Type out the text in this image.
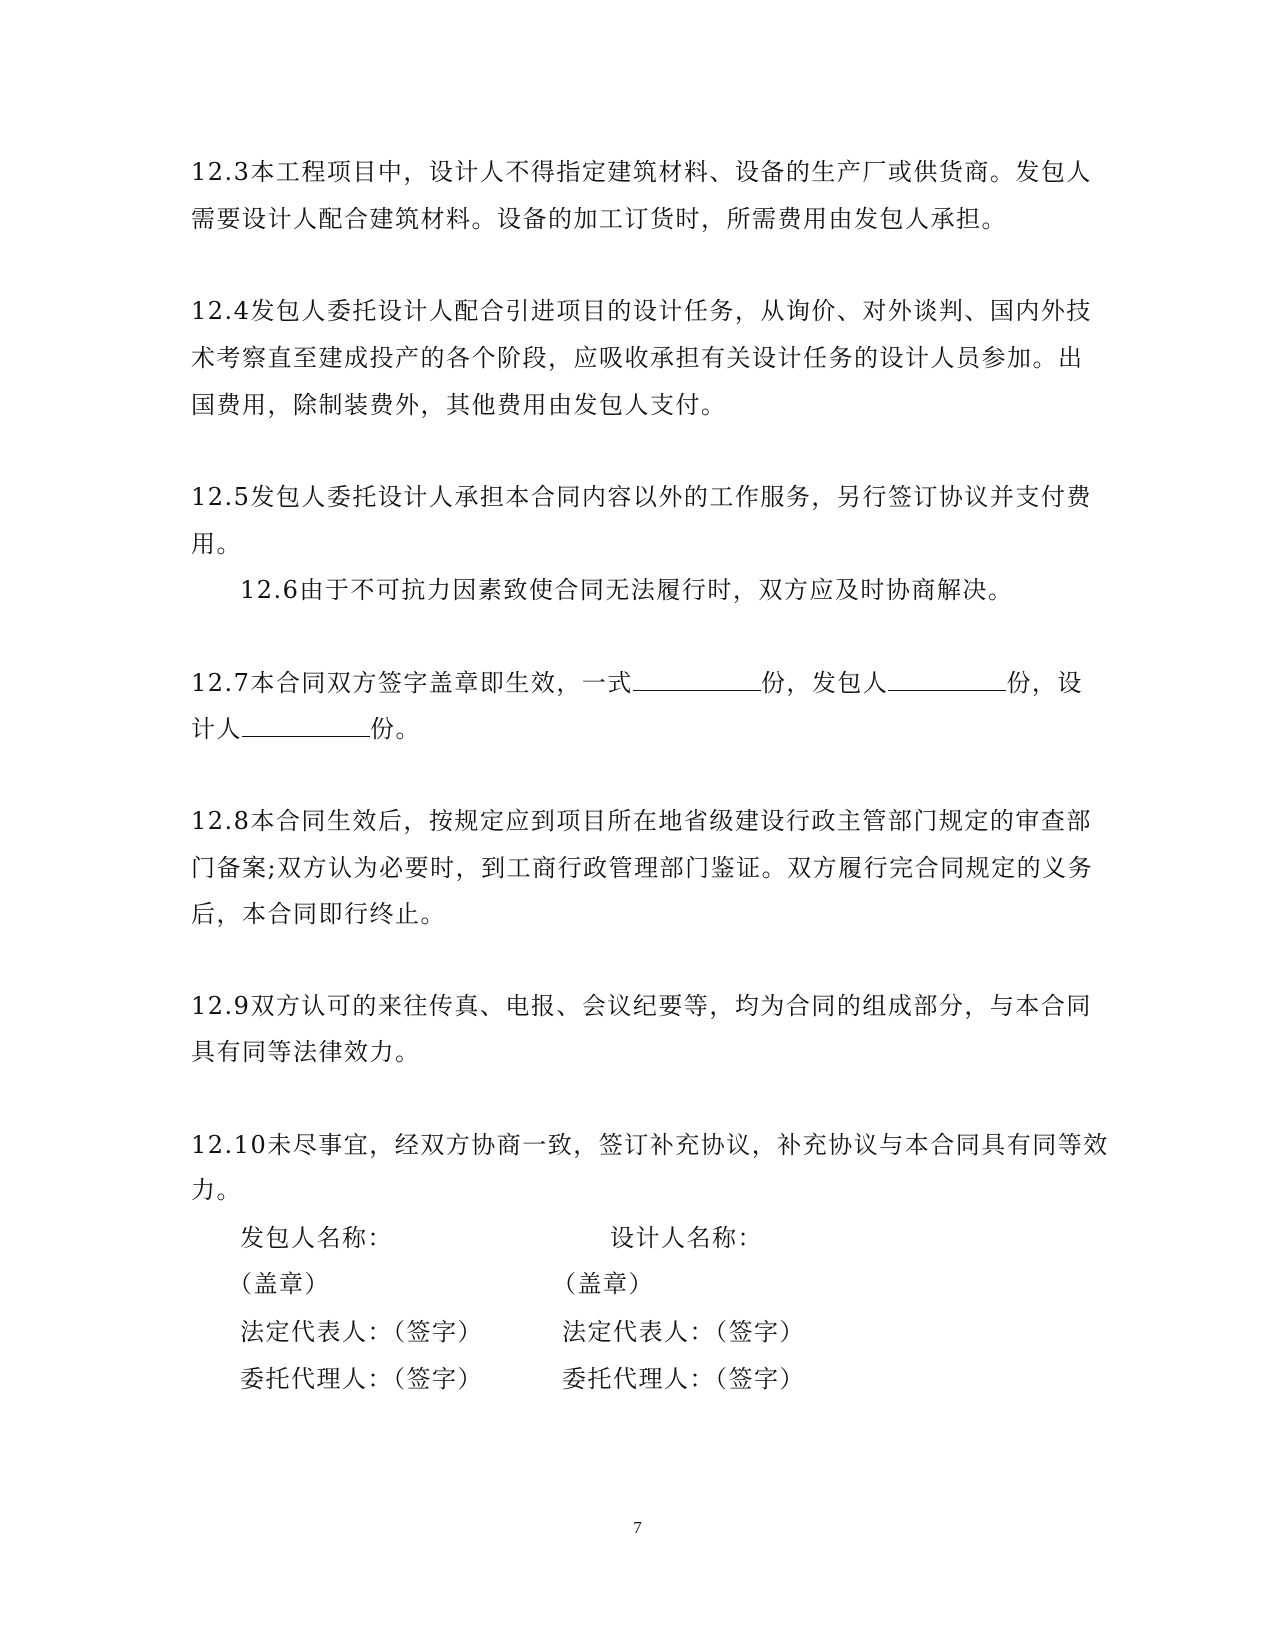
12.3本工程项目中，设计人不得指定建筑材料、设备的生产厂或供货商。发包人
需要设计人配合建筑材料。设备的加工订货时，所需费用由发包人承担。
12.4发包人委托设计人配合引进项目的设计任务，从询价、对外谈判、国内外技
术考察直至建成投产的各个阶段，应吸收承担有关设计任务的设计人员参加。出
国费用，除制装费外，其他费用由发包人支付。
12.5发包人委托设计人承担本合同内容以外的工作服务，另行签订协议并支付费
用。
12.6由于不可抗力因素致使合同无法履行时，双方应及时协商解决。
12.7本合同双方签字盖章即生效，一式	份，发包人	份，设
计人	份。
12.8本合同生效后，按规定应到项目所在地省级建设行政主管部门规定的审查部
门备案;双方认为必要时，到工商行政管理部门鉴证。双方履行完合同规定的义务
后，本合同即行终止。
12.9双方认可的来往传真、电报、会议纪要等，均为合同的组成部分，与本合同
具有同等法律效力。
12.10未尽事宜，经双方协商一致，签订补充协议，补充协议与本合同具有同等效
力。
发包人名称：	设计人名称：
（盖章）	（盖章）
法定代表人：（签字）	法定代表人：（签字）
委托代理人：（签字）	委托代理人：（签字）
7
